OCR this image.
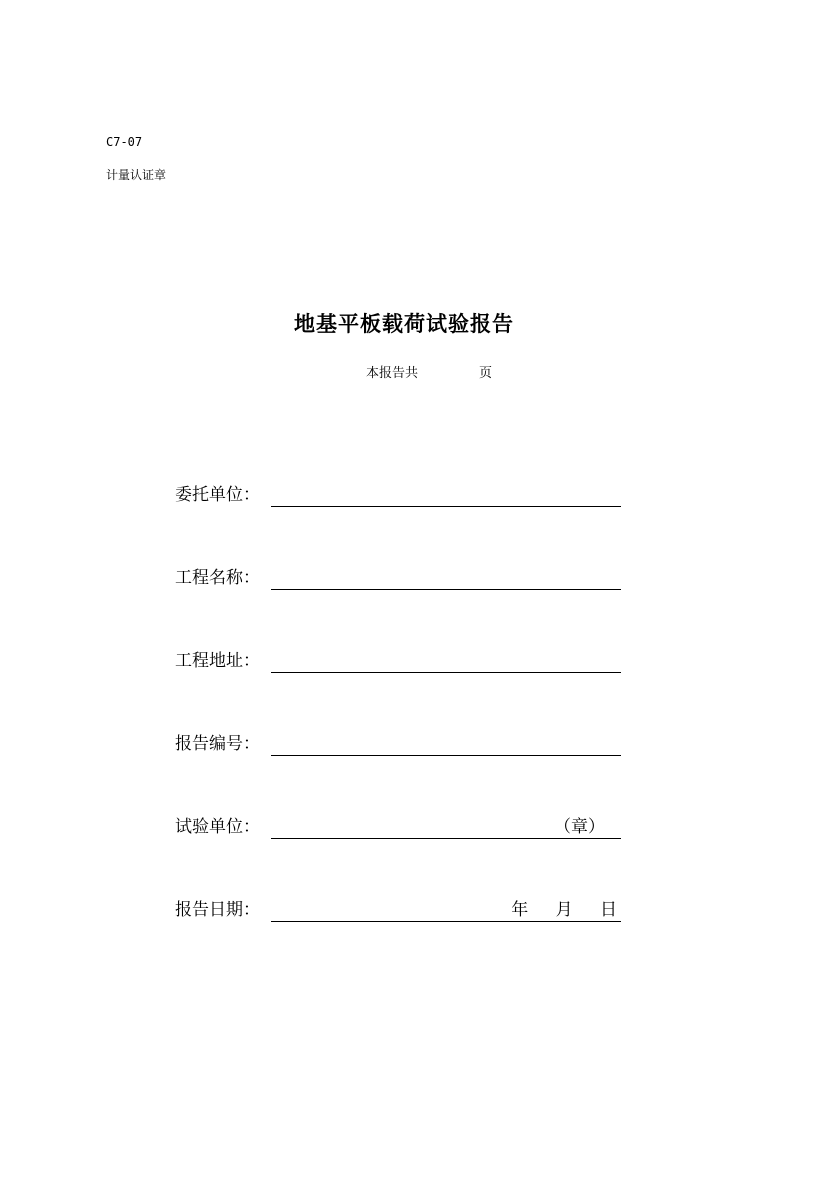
C7-07
计量认证章
地基平板载荷试验报告
本报告共	页
委托单位：
工程名称：
工程地址：
报告编号：
试验单位：	（章）
报告日期：	年 月 日
